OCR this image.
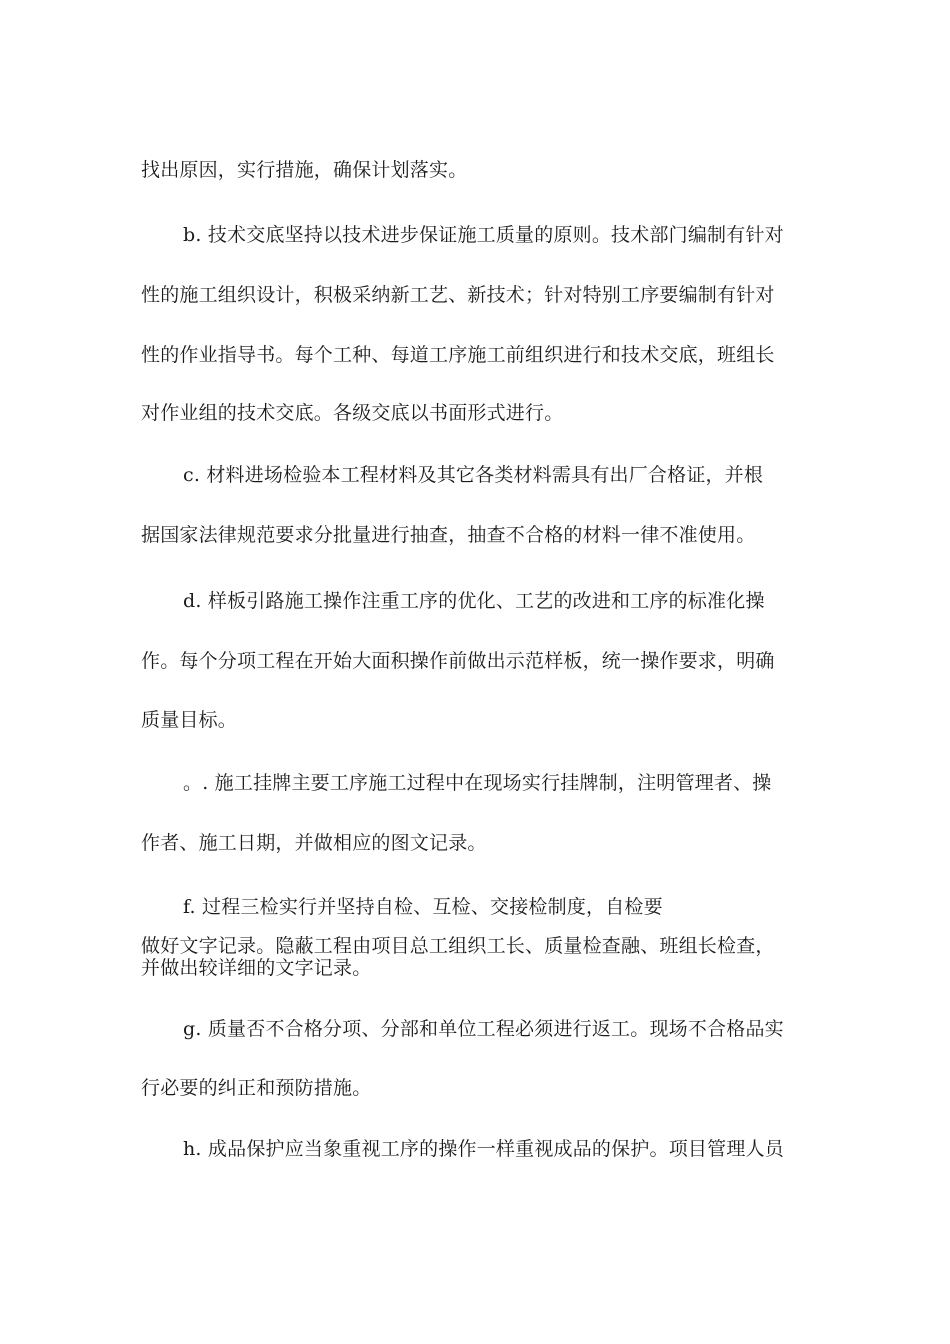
找出原因，实行措施，确保计划落实。
b. 技术交底坚持以技术进步保证施工质量的原则。技术部门编制有针对
性的施工组织设计，积极采纳新工艺、新技术；针对特别工序要编制有针对
性的作业指导书。每个工种、每道工序施工前组织进行和技术交底，班组长
对作业组的技术交底。各级交底以书面形式进行。
c. 材料进场检验本工程材料及其它各类材料需具有出厂合格证，并根
据国家法律规范要求分批量进行抽查，抽查不合格的材料一律不准使用。
d. 样板引路施工操作注重工序的优化、工艺的改进和工序的标准化操
作。每个分项工程在开始大面积操作前做出示范样板，统一操作要求，明确
质量目标。
。. 施工挂牌主要工序施工过程中在现场实行挂牌制，注明管理者、操
作者、施工日期，并做相应的图文记录。
f. 过程三检实行并坚持自检、互检、交接检制度，自检要
做好文字记录。隐蔽工程由项目总工组织工长、质量检查融、班组长检查，
并做出较详细的文字记录。
g. 质量否不合格分项、分部和单位工程必须进行返工。现场不合格品实
行必要的纠正和预防措施。
h. 成品保护应当象重视工序的操作一样重视成品的保护。项目管理人员
